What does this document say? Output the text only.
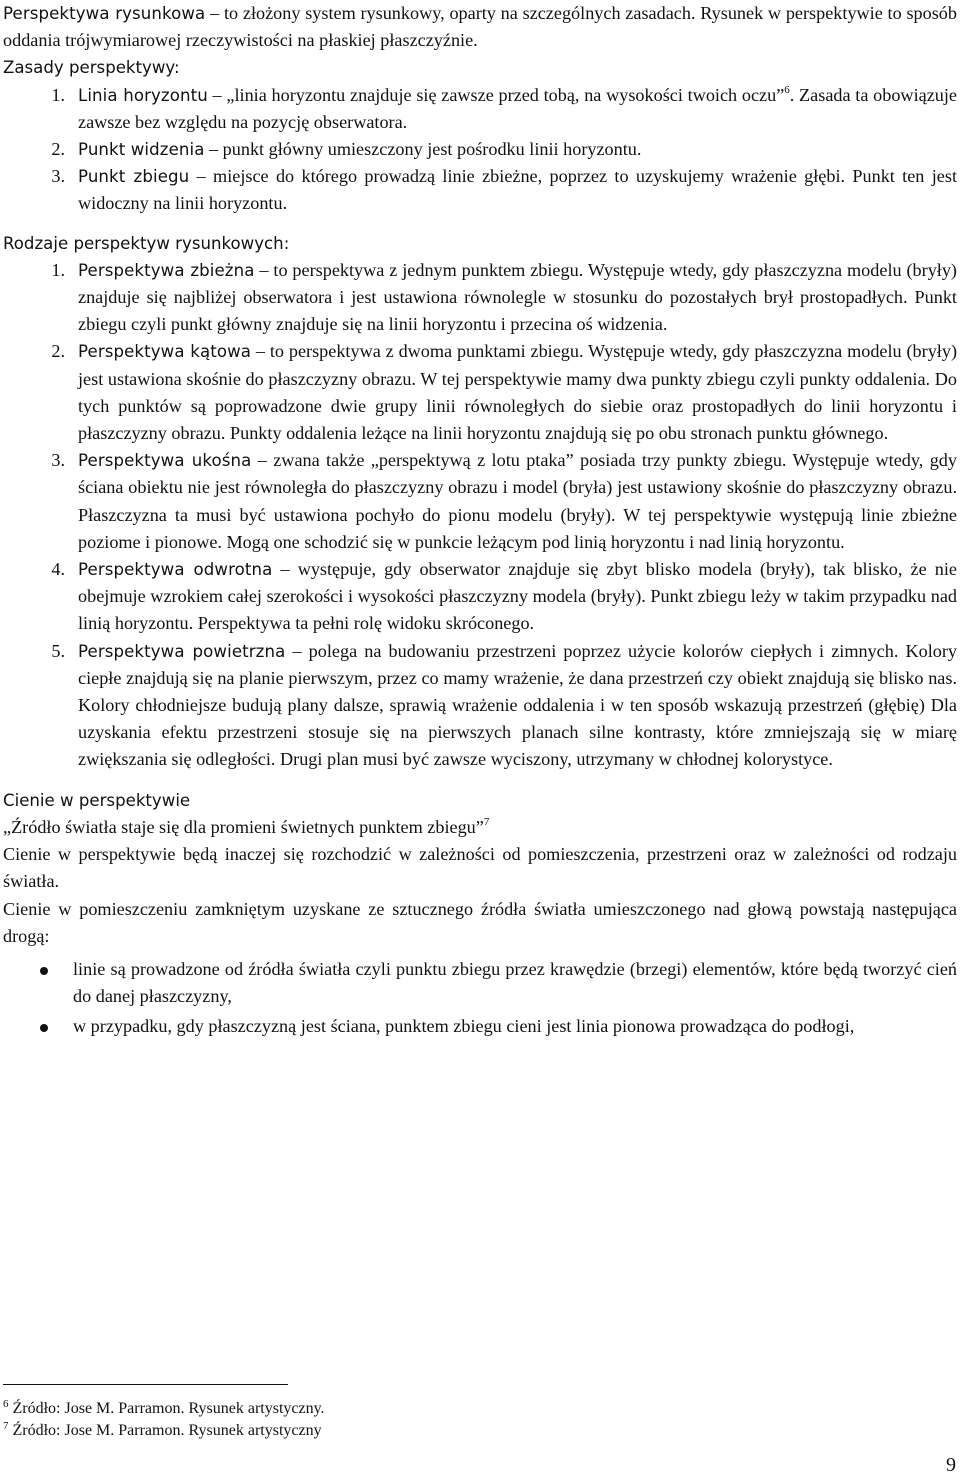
Perspektywa rysunkowa – to złożony system rysunkowy, oparty na szczególnych zasadach. Rysunek w perspektywie to sposób oddania trójwymiarowej rzeczywistości na płaskiej płaszczyźnie.

Zasady perspektywy:
1. Linia horyzontu – „linia horyzontu znajduje się zawsze przed tobą, na wysokości twoich oczu”$^6$. Zasada ta obowiązuje zawsze bez względu na pozycję obserwatora.
2. Punkt widzenia – punkt główny umieszczony jest pośrodku linii horyzontu.
3. Punkt zbiegu – miejsce do którego prowadzą linie zbieżne, poprzez to uzyskujemy wrażenie głębi. Punkt ten jest widoczny na linii horyzontu.
Rodzaje perspektyw rysunkowych:
1. Perspektywa zbieżna – to perspektywa z jednym punktem zbiegu. Występuje wtedy, gdy płaszczyzna modelu (bryły) znajduje się najbliżej obserwatora i jest ustawiona równolegle w stosunku do pozostałych brył prostopadłych. Punkt zbiegu czyli punkt główny znajduje się na linii horyzontu i przecina oś widzenia.
2. Perspektywa kątowa – to perspektywa z dwoma punktami zbiegu. Występuje wtedy, gdy płaszczyzna modelu (bryły) jest ustawiona skośnie do płaszczyzny obrazu. W tej perspektywie mamy dwa punkty zbiegu czyli punkty oddalenia. Do tych punktów są poprowadzone dwie grupy linii równoległych do siebie oraz prostopadłych do linii horyzontu i płaszczyzny obrazu. Punkty oddalenia leżące na linii horyzontu znajdują się po obu stronach punktu głównego.
3. Perspektywa ukośna – zwana także „perspektywą z lotu ptaka” posiada trzy punkty zbiegu. Występuje wtedy, gdy ściana obiektu nie jest równoległa do płaszczyzny obrazu i model (bryła) jest ustawiony skośnie do płaszczyzny obrazu. Płaszczyzna ta musi być ustawiona pochyło do pionu modelu (bryły). W tej perspektywie występują linie zbieżne poziome i pionowe. Mogą one schodzić się w punkcie leżącym pod linią horyzontu i nad linią horyzontu.
4. Perspektywa odwrotna – występuje, gdy obserwator znajduje się zbyt blisko modela (bryły), tak blisko, że nie obejmuje wzrokiem całej szerokości i wysokości płaszczyzny modela (bryły). Punkt zbiegu leży w takim przypadku nad linią horyzontu. Perspektywa ta pełni rolę widoku skróconego.
5. Perspektywa powietrzna – polega na budowaniu przestrzeni poprzez użycie kolorów ciepłych i zimnych. Kolory ciepłe znajdują się na planie pierwszym, przez co mamy wrażenie, że dana przestrzeń czy obiekt znajdują się blisko nas. Kolory chłodniejsze budują plany dalsze, sprawią wrażenie oddalenia i w ten sposób wskazują przestrzeń (głębię) Dla uzyskania efektu przestrzeni stosuje się na pierwszych planach silne kontrasty, które zmniejszają się w miarę zwiększania się odległości. Drugi plan musi być zawsze wyciszony, utrzymany w chłodnej kolorystyce.
Cienie w perspektywie

„Źródło światła staje się dla promieni świetnych punktem zbiegu”$^7$

Cienie w perspektywie będą inaczej się rozchodzić w zależności od pomieszczenia, przestrzeni oraz w zależności od rodzaju światła.

Cienie w pomieszczeniu zamkniętym uzyskane ze sztucznego źródła światła umieszczonego nad głową powstają następująca drogą:

linie są prowadzone od źródła światła czyli punktu zbiegu przez krawędzie (brzegi) elementów, które będą tworzyć cień do danej płaszczyzny,
w przypadku, gdy płaszczyzną jest ściana, punktem zbiegu cieni jest linia pionowa prowadząca do podłogi,
$^6$ Źródło: Jose M. Parramon. Rysunek artystyczny.
$^7$ Źródło: Jose M. Parramon. Rysunek artystyczny
9
